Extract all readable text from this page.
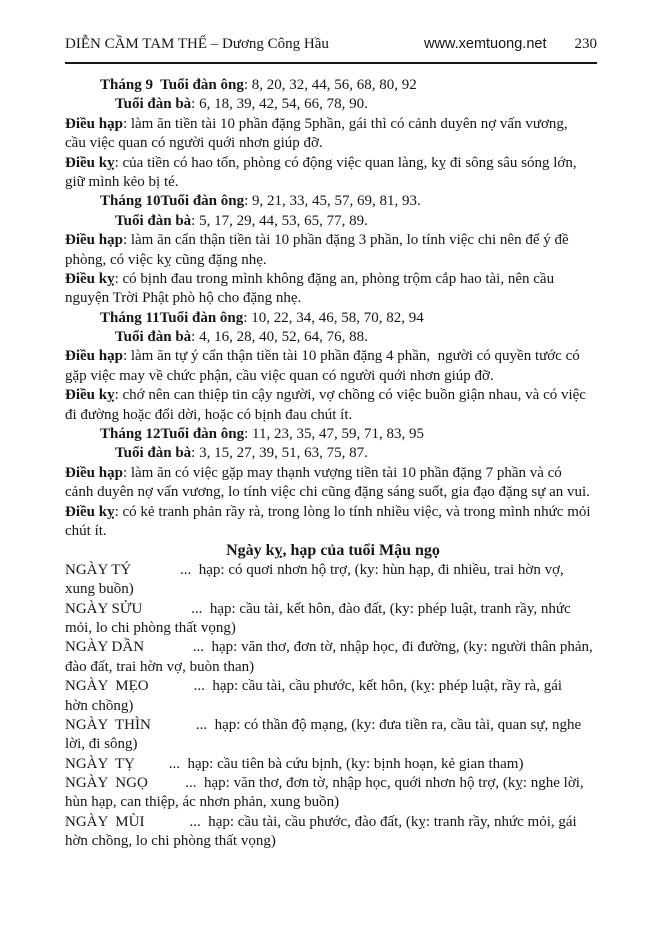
DIỄN CẦM TAM THẾ – Dương Công Hầu	www.xemtuong.net 230
Tháng 9  Tuổi đàn ông: 8, 20, 32, 44, 56, 68, 80, 92
Tuổi đàn bà: 6, 18, 39, 42, 54, 66, 78, 90.
Điều hạp: làm ăn tiền tài 10 phần đặng 5phần, gái thì có cảnh duyên nợ vấn vương,
cầu việc quan có người quới nhơn giúp đỡ.
Điều kỵ: của tiền có hao tốn, phòng có động việc quan làng, kỵ đi sông sâu sóng lớn,
giữ mình kẻo bị té.
Tháng 10Tuổi đàn ông: 9, 21, 33, 45, 57, 69, 81, 93.
Tuổi đàn bà: 5, 17, 29, 44, 53, 65, 77, 89.
Điều hạp: làm ăn cẩn thận tiền tài 10 phần đặng 3 phần, lo tính việc chi nên để ý đề
phòng, có việc kỵ cũng đặng nhẹ.
Điều kỵ: có bịnh đau trong mình không đặng an, phòng trộm cắp hao tài, nên cầu
nguyện Trời Phật phò hộ cho đặng nhẹ.
Tháng 11Tuổi đàn ông: 10, 22, 34, 46, 58, 70, 82, 94
Tuổi đàn bà: 4, 16, 28, 40, 52, 64, 76, 88.
Điều hạp: làm ăn tự ý cẩn thận tiền tài 10 phần đặng 4 phần,  người có quyền tước có
gặp việc may về chức phận, cầu việc quan có người quới nhơn giúp đỡ.
Điều kỵ: chớ nên can thiệp tin cậy người, vợ chồng có việc buồn giận nhau, và có việc
đi đường hoặc đổi dời, hoặc có bịnh đau chút ít.
Tháng 12Tuổi đàn ông: 11, 23, 35, 47, 59, 71, 83, 95
Tuổi đàn bà: 3, 15, 27, 39, 51, 63, 75, 87.
Điều hạp: làm ăn có việc gặp may thạnh vượng tiền tài 10 phần đặng 7 phần và có
cảnh duyên nợ vấn vương, lo tính việc chi cũng đặng sáng suốt, gia đạo đặng sự an vui.
Điều kỵ: có kẻ tranh phản rầy rà, trong lòng lo tính nhiều việc, và trong mình nhức mỏi
chút ít.
Ngày kỵ, hạp của tuổi Mậu ngọ
NGÀY TÝ             ...  hạp: có quơi nhơn hộ trợ, (ky: hùn hạp, đi nhiều, trai hờn vợ,
xung buồn)
NGÀY SỬU             ...  hạp: cầu tài, kết hôn, đào đất, (ky: phép luật, tranh rầy, nhức
mỏi, lo chi phòng thất vọng)
NGÀY DẦN             ...  hạp: văn thơ, đơn tờ, nhập học, đi đường, (ky: người thân phản,
đào đất, trai hờn vợ, buòn than)
NGÀY  MẸO            ...  hạp: cầu tài, cầu phước, kết hôn, (kỵ: phép luật, rầy rà, gái
hờn chồng)
NGÀY  THÌN            ...  hạp: có thần độ mạng, (ky: đưa tiền ra, cầu tài, quan sự, nghe
lời, đi sông)
NGÀY  TỴ         ...  hạp: cầu tiên bà cứu bịnh, (ky: bịnh hoạn, kẻ gian tham)
NGÀY  NGỌ          ...  hạp: văn thơ, đơn tờ, nhập học, quới nhơn hộ trợ, (kỵ: nghe lời,
hùn hạp, can thiệp, ác nhơn phản, xung buồn)
NGÀY  MÙI            ...  hạp: cầu tài, cầu phước, đào đất, (kỵ: tranh rầy, nhức mỏi, gái
hờn chồng, lo chi phòng thất vọng)
